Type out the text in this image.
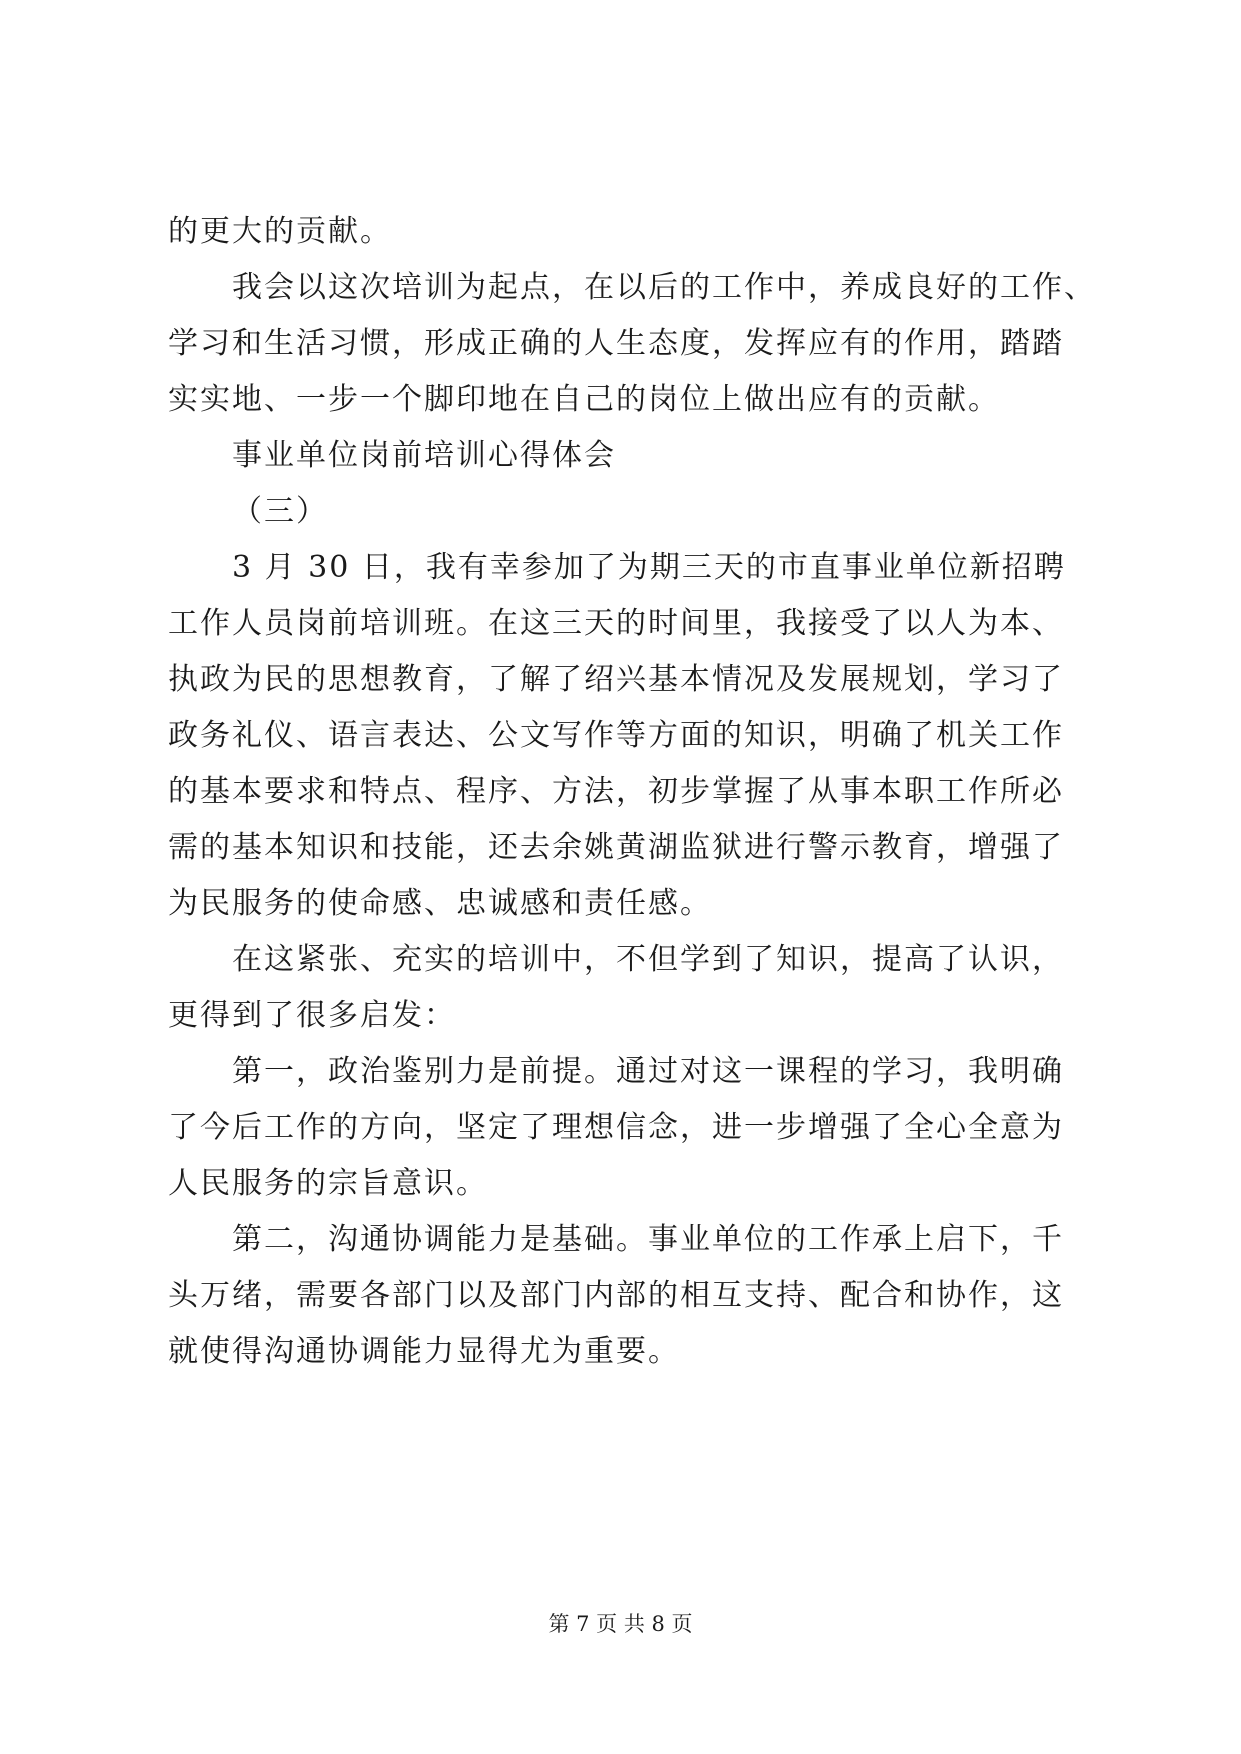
的更大的贡献。
我会以这次培训为起点，在以后的工作中，养成良好的工作、
学习和生活习惯，形成正确的人生态度，发挥应有的作用，踏踏
实实地、一步一个脚印地在自己的岗位上做出应有的贡献。
事业单位岗前培训心得体会
（三）
3 月 30 日，我有幸参加了为期三天的市直事业单位新招聘
工作人员岗前培训班。在这三天的时间里，我接受了以人为本、
执政为民的思想教育，了解了绍兴基本情况及发展规划，学习了
政务礼仪、语言表达、公文写作等方面的知识，明确了机关工作
的基本要求和特点、程序、方法，初步掌握了从事本职工作所必
需的基本知识和技能，还去余姚黄湖监狱进行警示教育，增强了
为民服务的使命感、忠诚感和责任感。
在这紧张、充实的培训中，不但学到了知识，提高了认识，
更得到了很多启发：
第一，政治鉴别力是前提。通过对这一课程的学习，我明确
了今后工作的方向，坚定了理想信念，进一步增强了全心全意为
人民服务的宗旨意识。
第二，沟通协调能力是基础。事业单位的工作承上启下，千
头万绪，需要各部门以及部门内部的相互支持、配合和协作，这
就使得沟通协调能力显得尤为重要。
第 7 页 共 8 页
